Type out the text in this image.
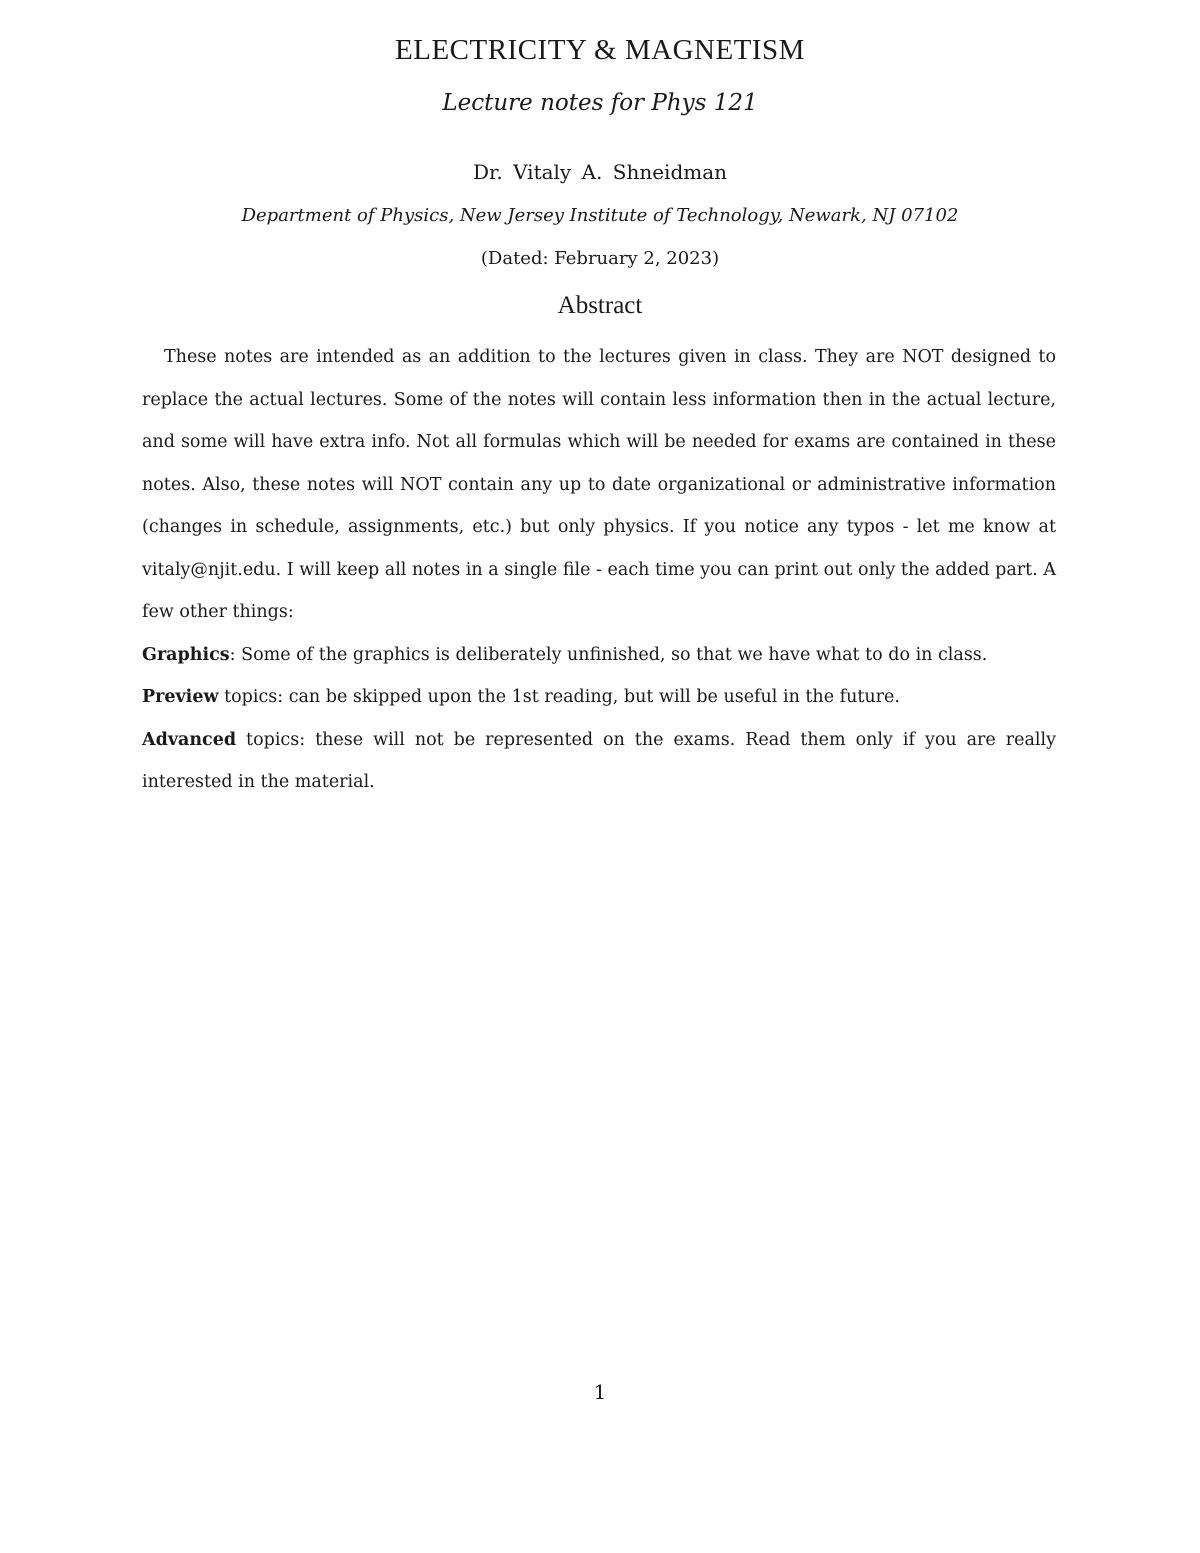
ELECTRICITY & MAGNETISM
Lecture notes for Phys 121
Dr. Vitaly A. Shneidman
Department of Physics, New Jersey Institute of Technology, Newark, NJ 07102
(Dated: February 2, 2023)
Abstract

These notes are intended as an addition to the lectures given in class. They are NOT designed to replace the actual lectures. Some of the notes will contain less information then in the actual lecture, and some will have extra info. Not all formulas which will be needed for exams are contained in these notes. Also, these notes will NOT contain any up to date organizational or administrative information (changes in schedule, assignments, etc.) but only physics. If you notice any typos - let me know at vitaly@njit.edu. I will keep all notes in a single file - each time you can print out only the added part. A few other things:

Graphics: Some of the graphics is deliberately unfinished, so that we have what to do in class.

Preview topics: can be skipped upon the 1st reading, but will be useful in the future.

Advanced topics: these will not be represented on the exams. Read them only if you are really interested in the material.

1
